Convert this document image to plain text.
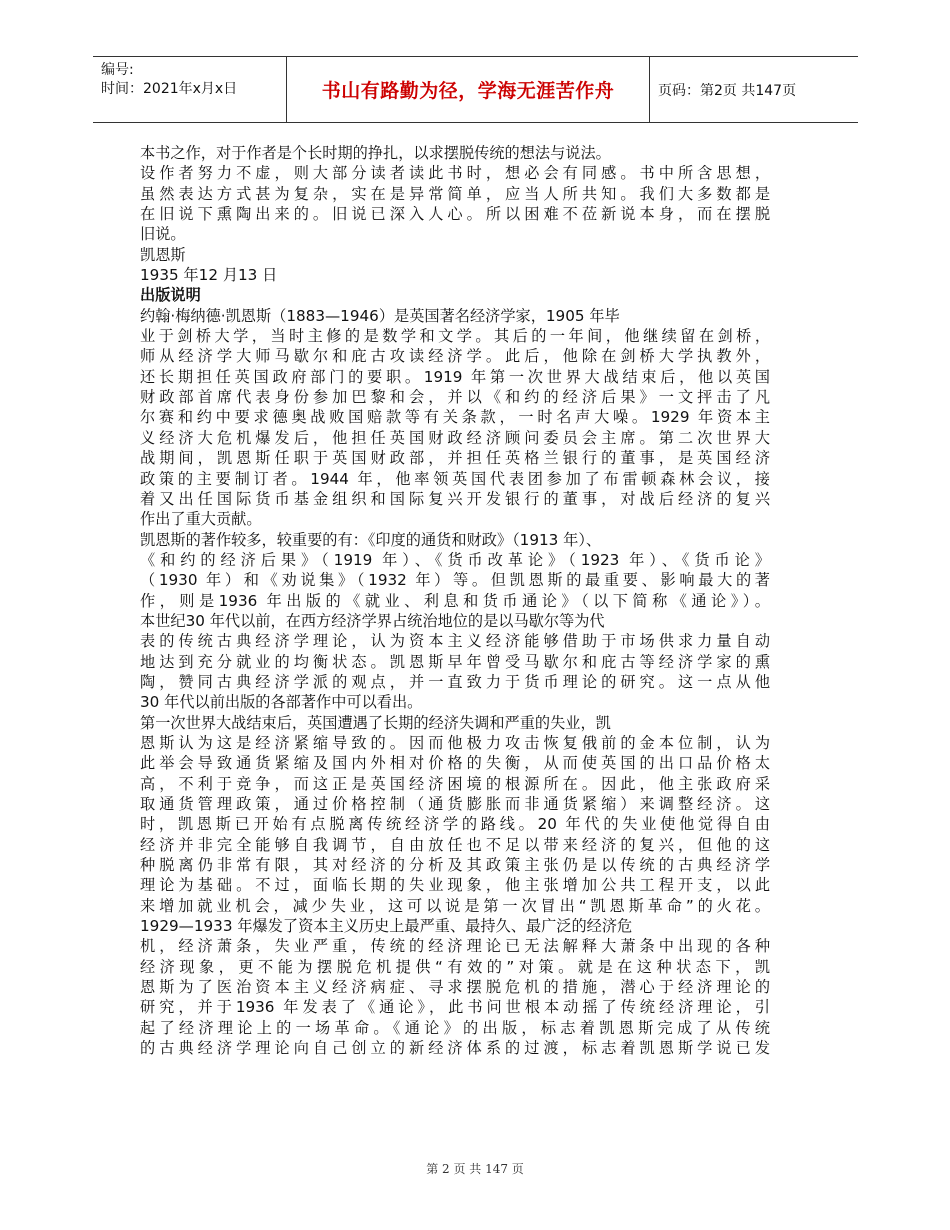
编号:
时间：2021年x月x日	书山有路勤为径，学海无涯苦作舟	页码：第2页 共147页
本书之作，对于作者是个长时期的挣扎，以求摆脱传统的想法与说法。
设作者努力不虚，则大部分读者读此书时，想必会有同感。书中所含思想，
虽然表达方式甚为复杂，实在是异常简单，应当人所共知。我们大多数都是
在旧说下熏陶出来的。旧说已深入人心。所以困难不莅新说本身，而在摆脱
旧说。
凯恩斯
1935 年12 月13 日
出版说明
约翰·梅纳德·凯恩斯（1883—1946）是英国著名经济学家，1905 年毕
业于剑桥大学，当时主修的是数学和文学。其后的一年间，他继续留在剑桥，
师从经济学大师马歇尔和庇古攻读经济学。此后，他除在剑桥大学执教外，
还长期担任英国政府部门的要职。1919 年第一次世界大战结束后，他以英国
财政部首席代表身份参加巴黎和会，并以《和约的经济后果》一文抨击了凡
尔赛和约中要求德奥战败国赔款等有关条款，一时名声大噪。1929 年资本主
义经济大危机爆发后，他担任英国财政经济顾问委员会主席。第二次世界大
战期间，凯恩斯任职于英国财政部，并担任英格兰银行的董事，是英国经济
政策的主要制订者。1944 年，他率领英国代表团参加了布雷顿森林会议，接
着又出任国际货币基金组织和国际复兴开发银行的董事，对战后经济的复兴
作出了重大贡献。
凯恩斯的著作较多，较重要的有：《印度的通货和财政》（1913 年）、
《和约的经济后果》（1919 年）、《货币改革论》（1923 年）、《货币论》
（1930 年）和《劝说集》（1932 年）等。但凯恩斯的最重要、影响最大的著
作，则是1936 年出版的《就业、利息和货币通论》（以下简称《通论》）。
本世纪30 年代以前，在西方经济学界占统治地位的是以马歇尔等为代
表的传统古典经济学理论，认为资本主义经济能够借助于市场供求力量自动
地达到充分就业的均衡状态。凯恩斯早年曾受马歇尔和庇古等经济学家的熏
陶，赞同古典经济学派的观点，并一直致力于货币理论的研究。这一点从他
30 年代以前出版的各部著作中可以看出。
第一次世界大战结束后，英国遭遇了长期的经济失调和严重的失业，凯
恩斯认为这是经济紧缩导致的。因而他极力攻击恢复俄前的金本位制，认为
此举会导致通货紧缩及国内外相对价格的失衡，从而使英国的出口品价格太
高，不利于竞争，而这正是英国经济困境的根源所在。因此，他主张政府采
取通货管理政策，通过价格控制（通货膨胀而非通货紧缩）来调整经济。这
时，凯恩斯已开始有点脱离传统经济学的路线。20 年代的失业使他觉得自由
经济并非完全能够自我调节，自由放任也不足以带来经济的复兴，但他的这
种脱离仍非常有限，其对经济的分析及其政策主张仍是以传统的古典经济学
理论为基础。不过，面临长期的失业现象，他主张增加公共工程开支，以此
来增加就业机会，减少失业，这可以说是第一次冒出“凯恩斯革命”的火花。
1929—1933 年爆发了资本主义历史上最严重、最持久、最广泛的经济危
机，经济萧条，失业严重，传统的经济理论已无法解释大萧条中出现的各种
经济现象，更不能为摆脱危机提供“有效的”对策。就是在这种状态下，凯
恩斯为了医治资本主义经济病症、寻求摆脱危机的措施，潜心于经济理论的
研究，并于1936 年发表了《通论》，此书问世根本动摇了传统经济理论，引
起了经济理论上的一场革命。《通论》的出版，标志着凯恩斯完成了从传统
的古典经济学理论向自己创立的新经济体系的过渡，标志着凯恩斯学说已发
第 2 页 共 147 页
